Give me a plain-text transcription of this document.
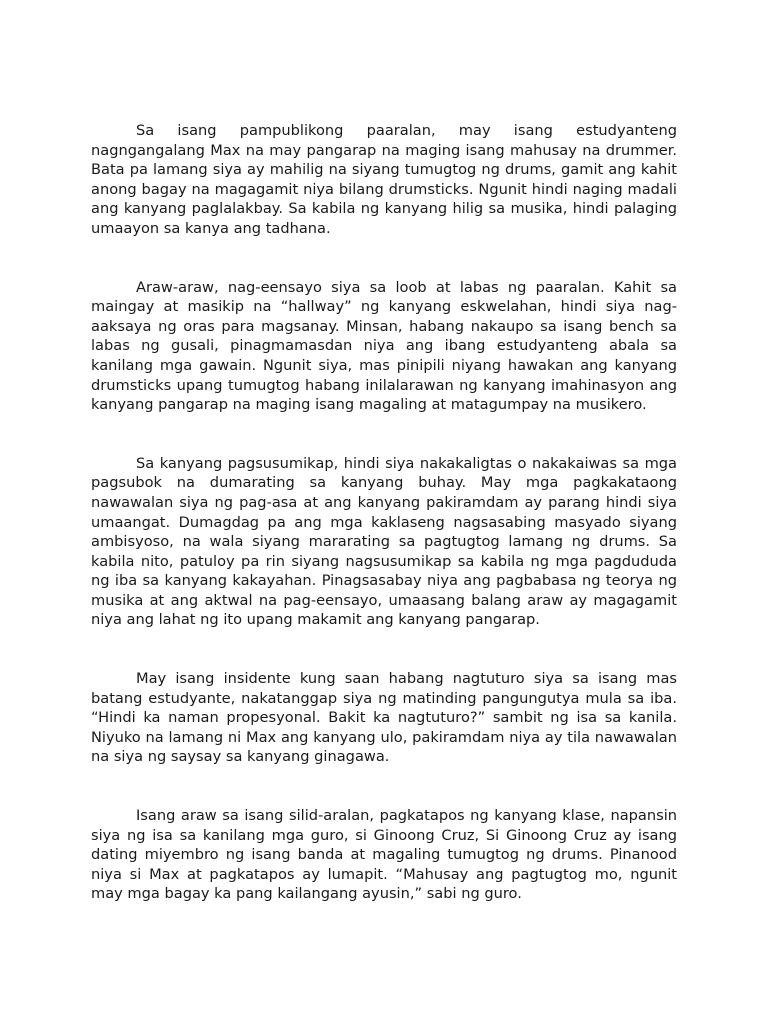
Sa isang pampublikong paaralan, may isang estudyanteng nagngangalang Max na may pangarap na maging isang mahusay na drummer. Bata pa lamang siya ay mahilig na siyang tumugtog ng drums, gamit ang kahit anong bagay na magagamit niya bilang drumsticks. Ngunit hindi naging madali ang kanyang paglalakbay. Sa kabila ng kanyang hilig sa musika, hindi palaging umaayon sa kanya ang tadhana.

Araw-araw, nag-eensayo siya sa loob at labas ng paaralan. Kahit sa maingay at masikip na “hallway” ng kanyang eskwelahan, hindi siya nag-aaksaya ng oras para magsanay. Minsan, habang nakaupo sa isang bench sa labas ng gusali, pinagmamasdan niya ang ibang estudyanteng abala sa kanilang mga gawain. Ngunit siya, mas pinipili niyang hawakan ang kanyang drumsticks upang tumugtog habang inilalarawan ng kanyang imahinasyon ang kanyang pangarap na maging isang magaling at matagumpay na musikero.

Sa kanyang pagsusumikap, hindi siya nakakaligtas o nakakaiwas sa mga pagsubok na dumarating sa kanyang buhay. May mga pagkakataong nawawalan siya ng pag-asa at ang kanyang pakiramdam ay parang hindi siya umaangat. Dumagdag pa ang mga kaklaseng nagsasabing masyado siyang ambisyoso, na wala siyang mararating sa pagtugtog lamang ng drums. Sa kabila nito, patuloy pa rin siyang nagsusumikap sa kabila ng mga pagdududa ng iba sa kanyang kakayahan. Pinagsasabay niya ang pagbabasa ng teorya ng musika at ang aktwal na pag-eensayo, umaasang balang araw ay magagamit niya ang lahat ng ito upang makamit ang kanyang pangarap.

May isang insidente kung saan habang nagtuturo siya sa isang mas batang estudyante, nakatanggap siya ng matinding pangungutya mula sa iba. “Hindi ka naman propesyonal. Bakit ka nagtuturo?” sambit ng isa sa kanila. Niyuko na lamang ni Max ang kanyang ulo, pakiramdam niya ay tila nawawalan na siya ng saysay sa kanyang ginagawa.

Isang araw sa isang silid-aralan, pagkatapos ng kanyang klase, napansin siya ng isa sa kanilang mga guro, si Ginoong Cruz, Si Ginoong Cruz ay isang dating miyembro ng isang banda at magaling tumugtog ng drums. Pinanood niya si Max at pagkatapos ay lumapit. “Mahusay ang pagtugtog mo, ngunit may mga bagay ka pang kailangang ayusin,” sabi ng guro.
